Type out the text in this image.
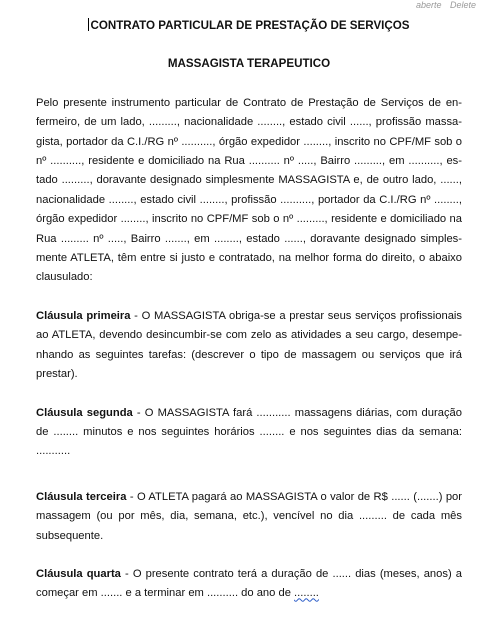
aberte Delete
CONTRATO PARTICULAR DE PRESTAÇÃO DE SERVIÇOS
MASSAGISTA TERAPEUTICO

Pelo presente instrumento particular de Contrato de Prestação de Serviços de en-fermeiro, de um lado, ........., nacionalidade ........, estado civil ......, profissão massa-gista, portador da C.I./RG nº .........., órgão expedidor ........, inscrito no CPF/MF sob o nº .........., residente e domiciliado na Rua .......... nº ....., Bairro ........., em .........., es-tado ........., doravante designado simplesmente MASSAGISTA e, de outro lado, ......, nacionalidade ........, estado civil ........, profissão .........., portador da C.I./RG nº ........, órgão expedidor ........, inscrito no CPF/MF sob o nº ........., residente e domiciliado na Rua ......... nº ....., Bairro ......., em ........, estado ......, doravante designado simples-mente ATLETA, têm entre si justo e contratado, na melhor forma do direito, o abaixo clausulado:

Cláusula primeira - O MASSAGISTA obriga-se a prestar seus serviços profissionais ao ATLETA, devendo desincumbir-se com zelo as atividades a seu cargo, desempe-nhando as seguintes tarefas: (descrever o tipo de massagem ou serviços que irá prestar).

Cláusula segunda - O MASSAGISTA fará ........... massagens diárias, com duração de ........ minutos e nos seguintes horários ........ e nos seguintes dias da semana: ...........

Cláusula terceira - O ATLETA pagará ao MASSAGISTA o valor de R$ ...... (.......) por massagem (ou por mês, dia, semana, etc.), vencível no dia ......... de cada mês subsequente.

Cláusula quarta - O presente contrato terá a duração de ...... dias (meses, anos) a começar em ....... e a terminar em .......... do ano de ........
